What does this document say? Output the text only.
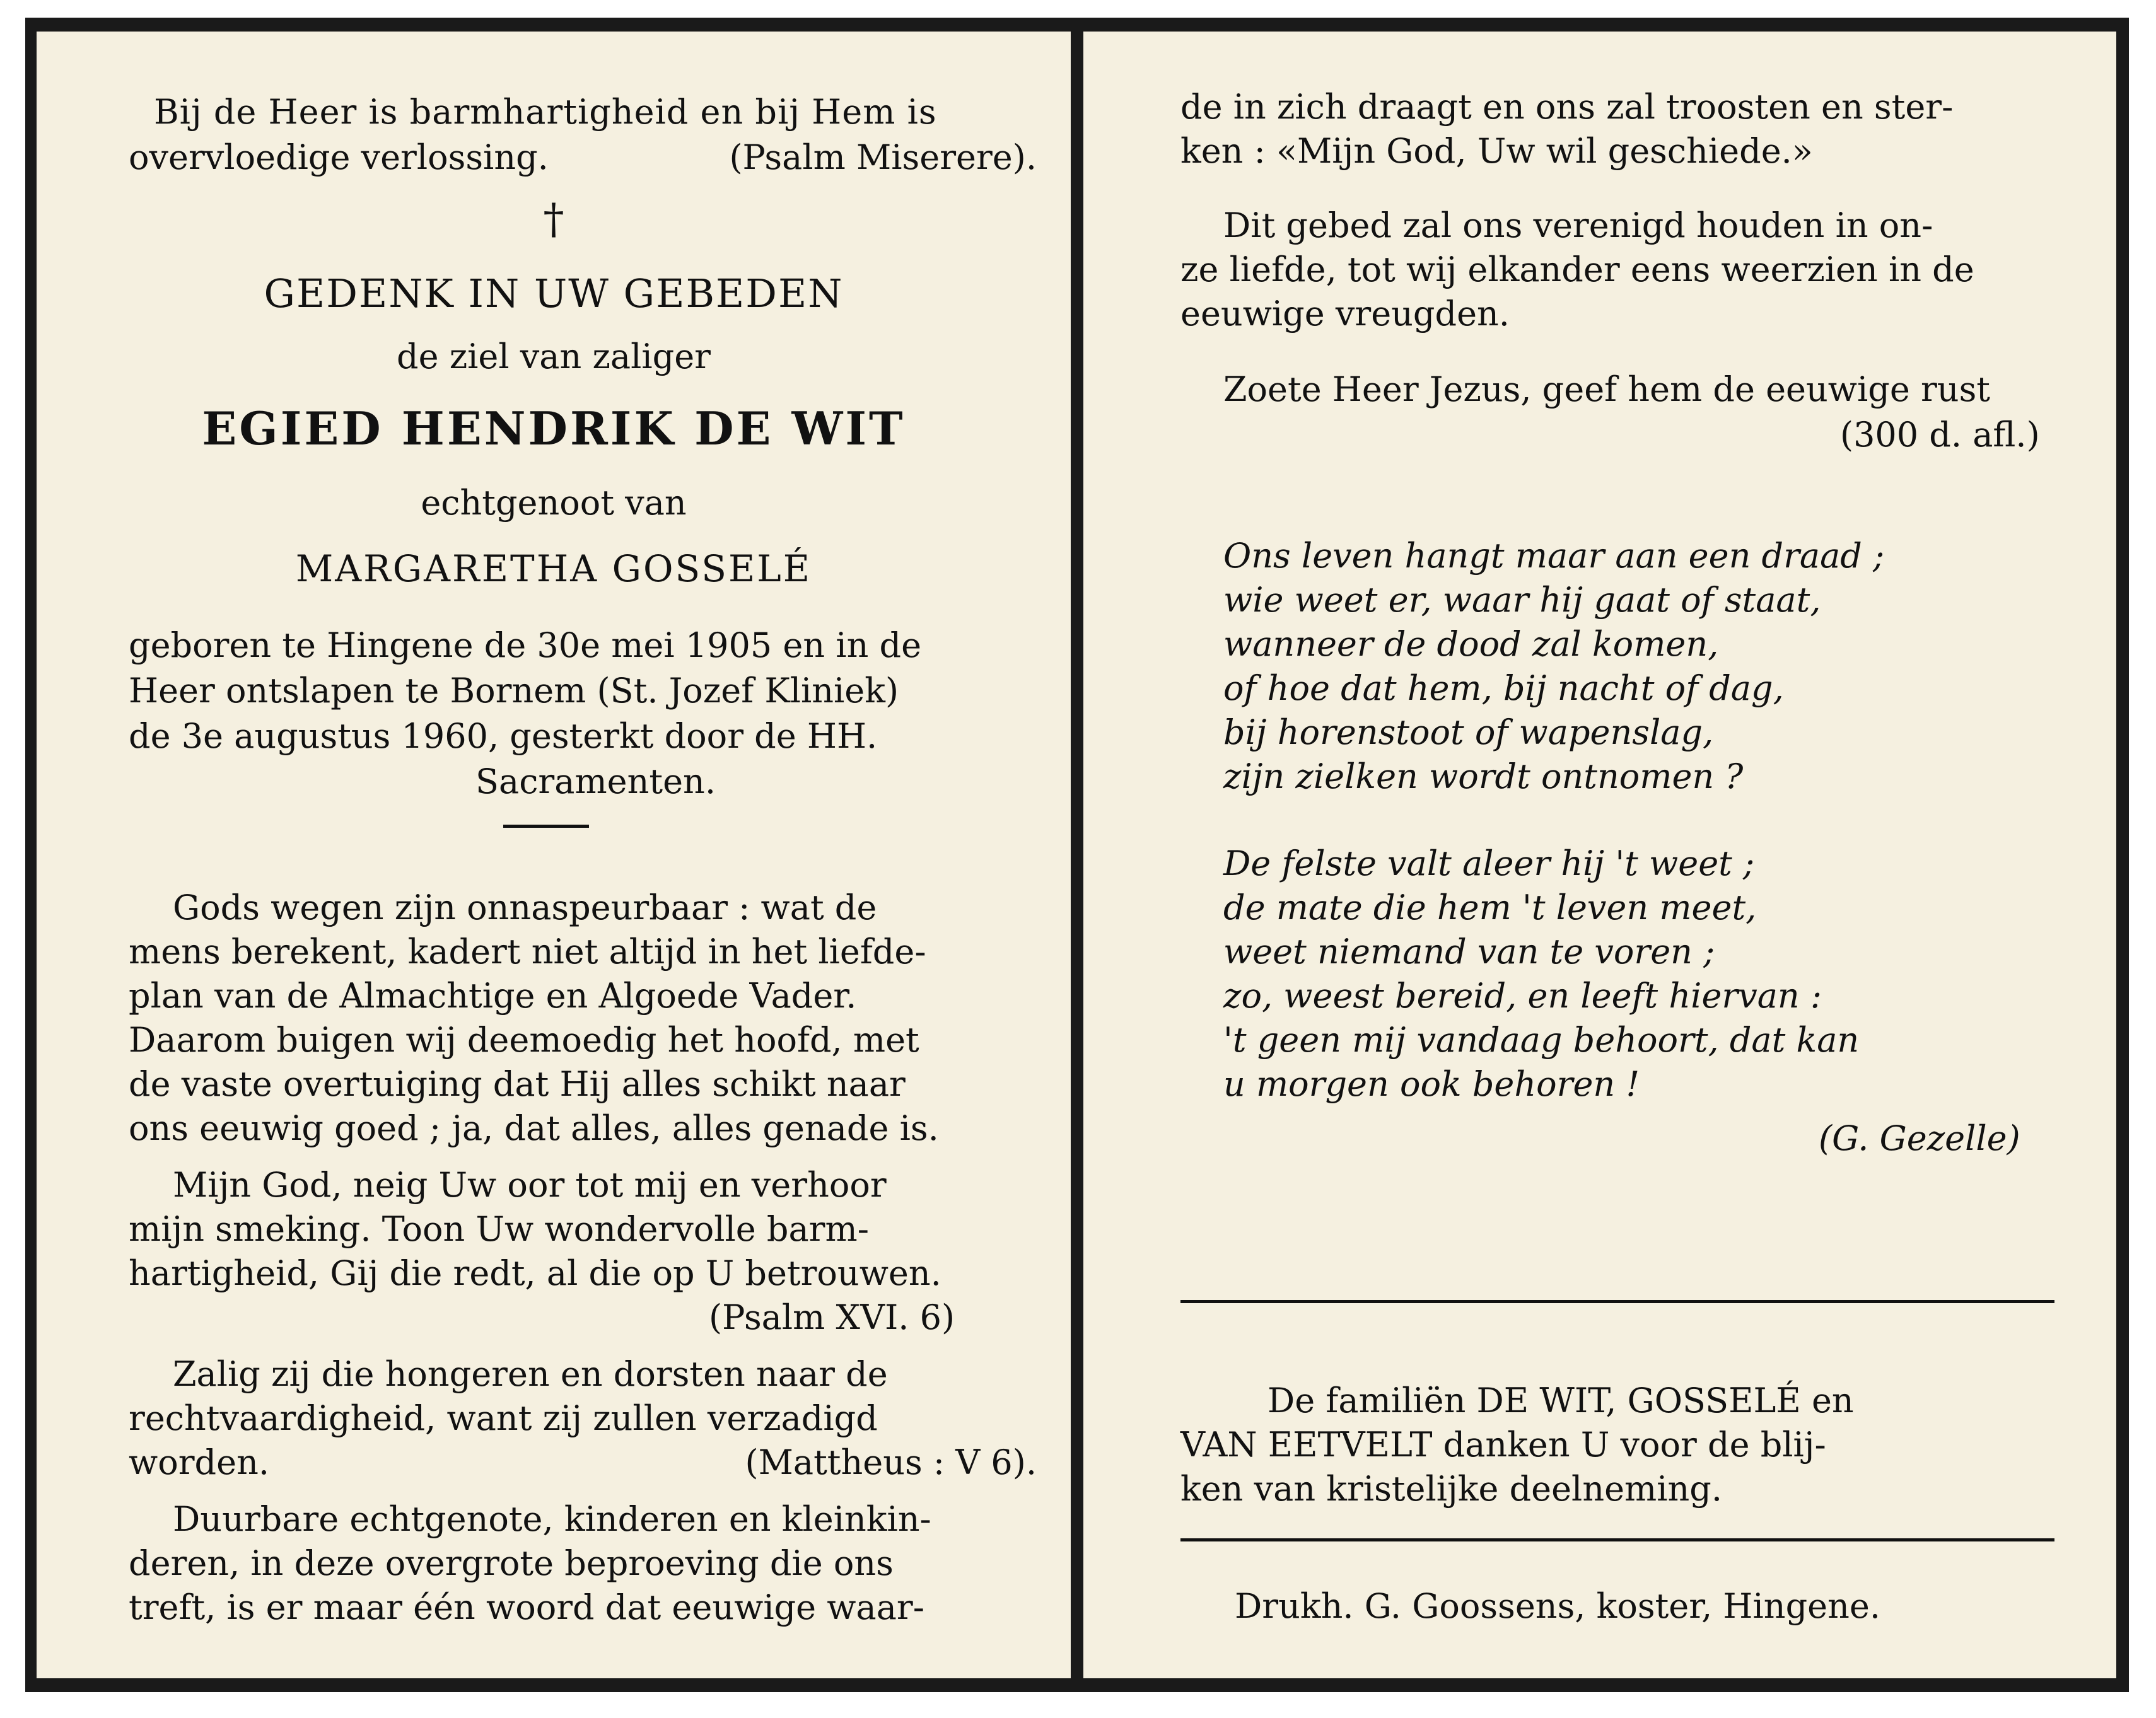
Bij de Heer is barmhartigheid en bij Hem is
overvloedige verlossing.	(Psalm Miserere).
†
GEDENK IN UW GEBEDEN
de ziel van zaliger
EGIED HENDRIK DE WIT
echtgenoot van
MARGARETHA GOSSELÉ
geboren te Hingene de 30e mei 1905 en in de
Heer ontslapen te Bornem (St. Jozef Kliniek)
de 3e augustus 1960, gesterkt door de HH.
Sacramenten.
Gods wegen zijn onnaspeurbaar : wat de
mens berekent, kadert niet altijd in het liefde-
plan van de Almachtige en Algoede Vader.
Daarom buigen wij deemoedig het hoofd, met
de vaste overtuiging dat Hij alles schikt naar
ons eeuwig goed ; ja, dat alles, alles genade is.
Mijn God, neig Uw oor tot mij en verhoor
mijn smeking. Toon Uw wondervolle barm-
hartigheid, Gij die redt, al die op U betrouwen.
(Psalm XVI. 6)
Zalig zij die hongeren en dorsten naar de
rechtvaardigheid, want zij zullen verzadigd
worden.	(Mattheus : V 6).
Duurbare echtgenote, kinderen en kleinkin-
deren, in deze overgrote beproeving die ons
treft, is er maar één woord dat eeuwige waar-
de in zich draagt en ons zal troosten en ster-
ken : «Mijn God, Uw wil geschiede.»
Dit gebed zal ons verenigd houden in on-
ze liefde, tot wij elkander eens weerzien in de
eeuwige vreugden.
Zoete Heer Jezus, geef hem de eeuwige rust
(300 d. afl.)
Ons leven hangt maar aan een draad ;
wie weet er, waar hij gaat of staat,
wanneer de dood zal komen,
of hoe dat hem, bij nacht of dag,
bij horenstoot of wapenslag,
zijn zielken wordt ontnomen ?
De felste valt aleer hij 't weet ;
de mate die hem 't leven meet,
weet niemand van te voren ;
zo, weest bereid, en leeft hiervan :
't geen mij vandaag behoort, dat kan
u morgen ook behoren !
(G. Gezelle)
De familiën DE WIT, GOSSELÉ en
VAN EETVELT danken U voor de blij-
ken van kristelijke deelneming.
Drukh. G. Goossens, koster, Hingene.
